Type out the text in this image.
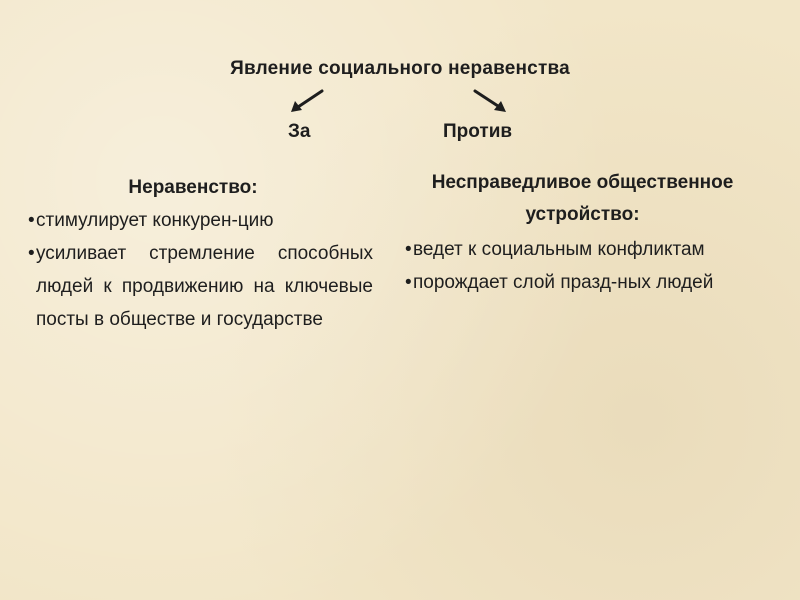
Явление социального неравенства
За	Против
Неравенство:
•стимулирует конкурен-цию
•усиливает стремление способных людей к продвижению на ключевые посты в обществе и государстве
Несправедливое общественное устройство:
•ведет к социальным конфликтам
•порождает слой празд-ных людей
